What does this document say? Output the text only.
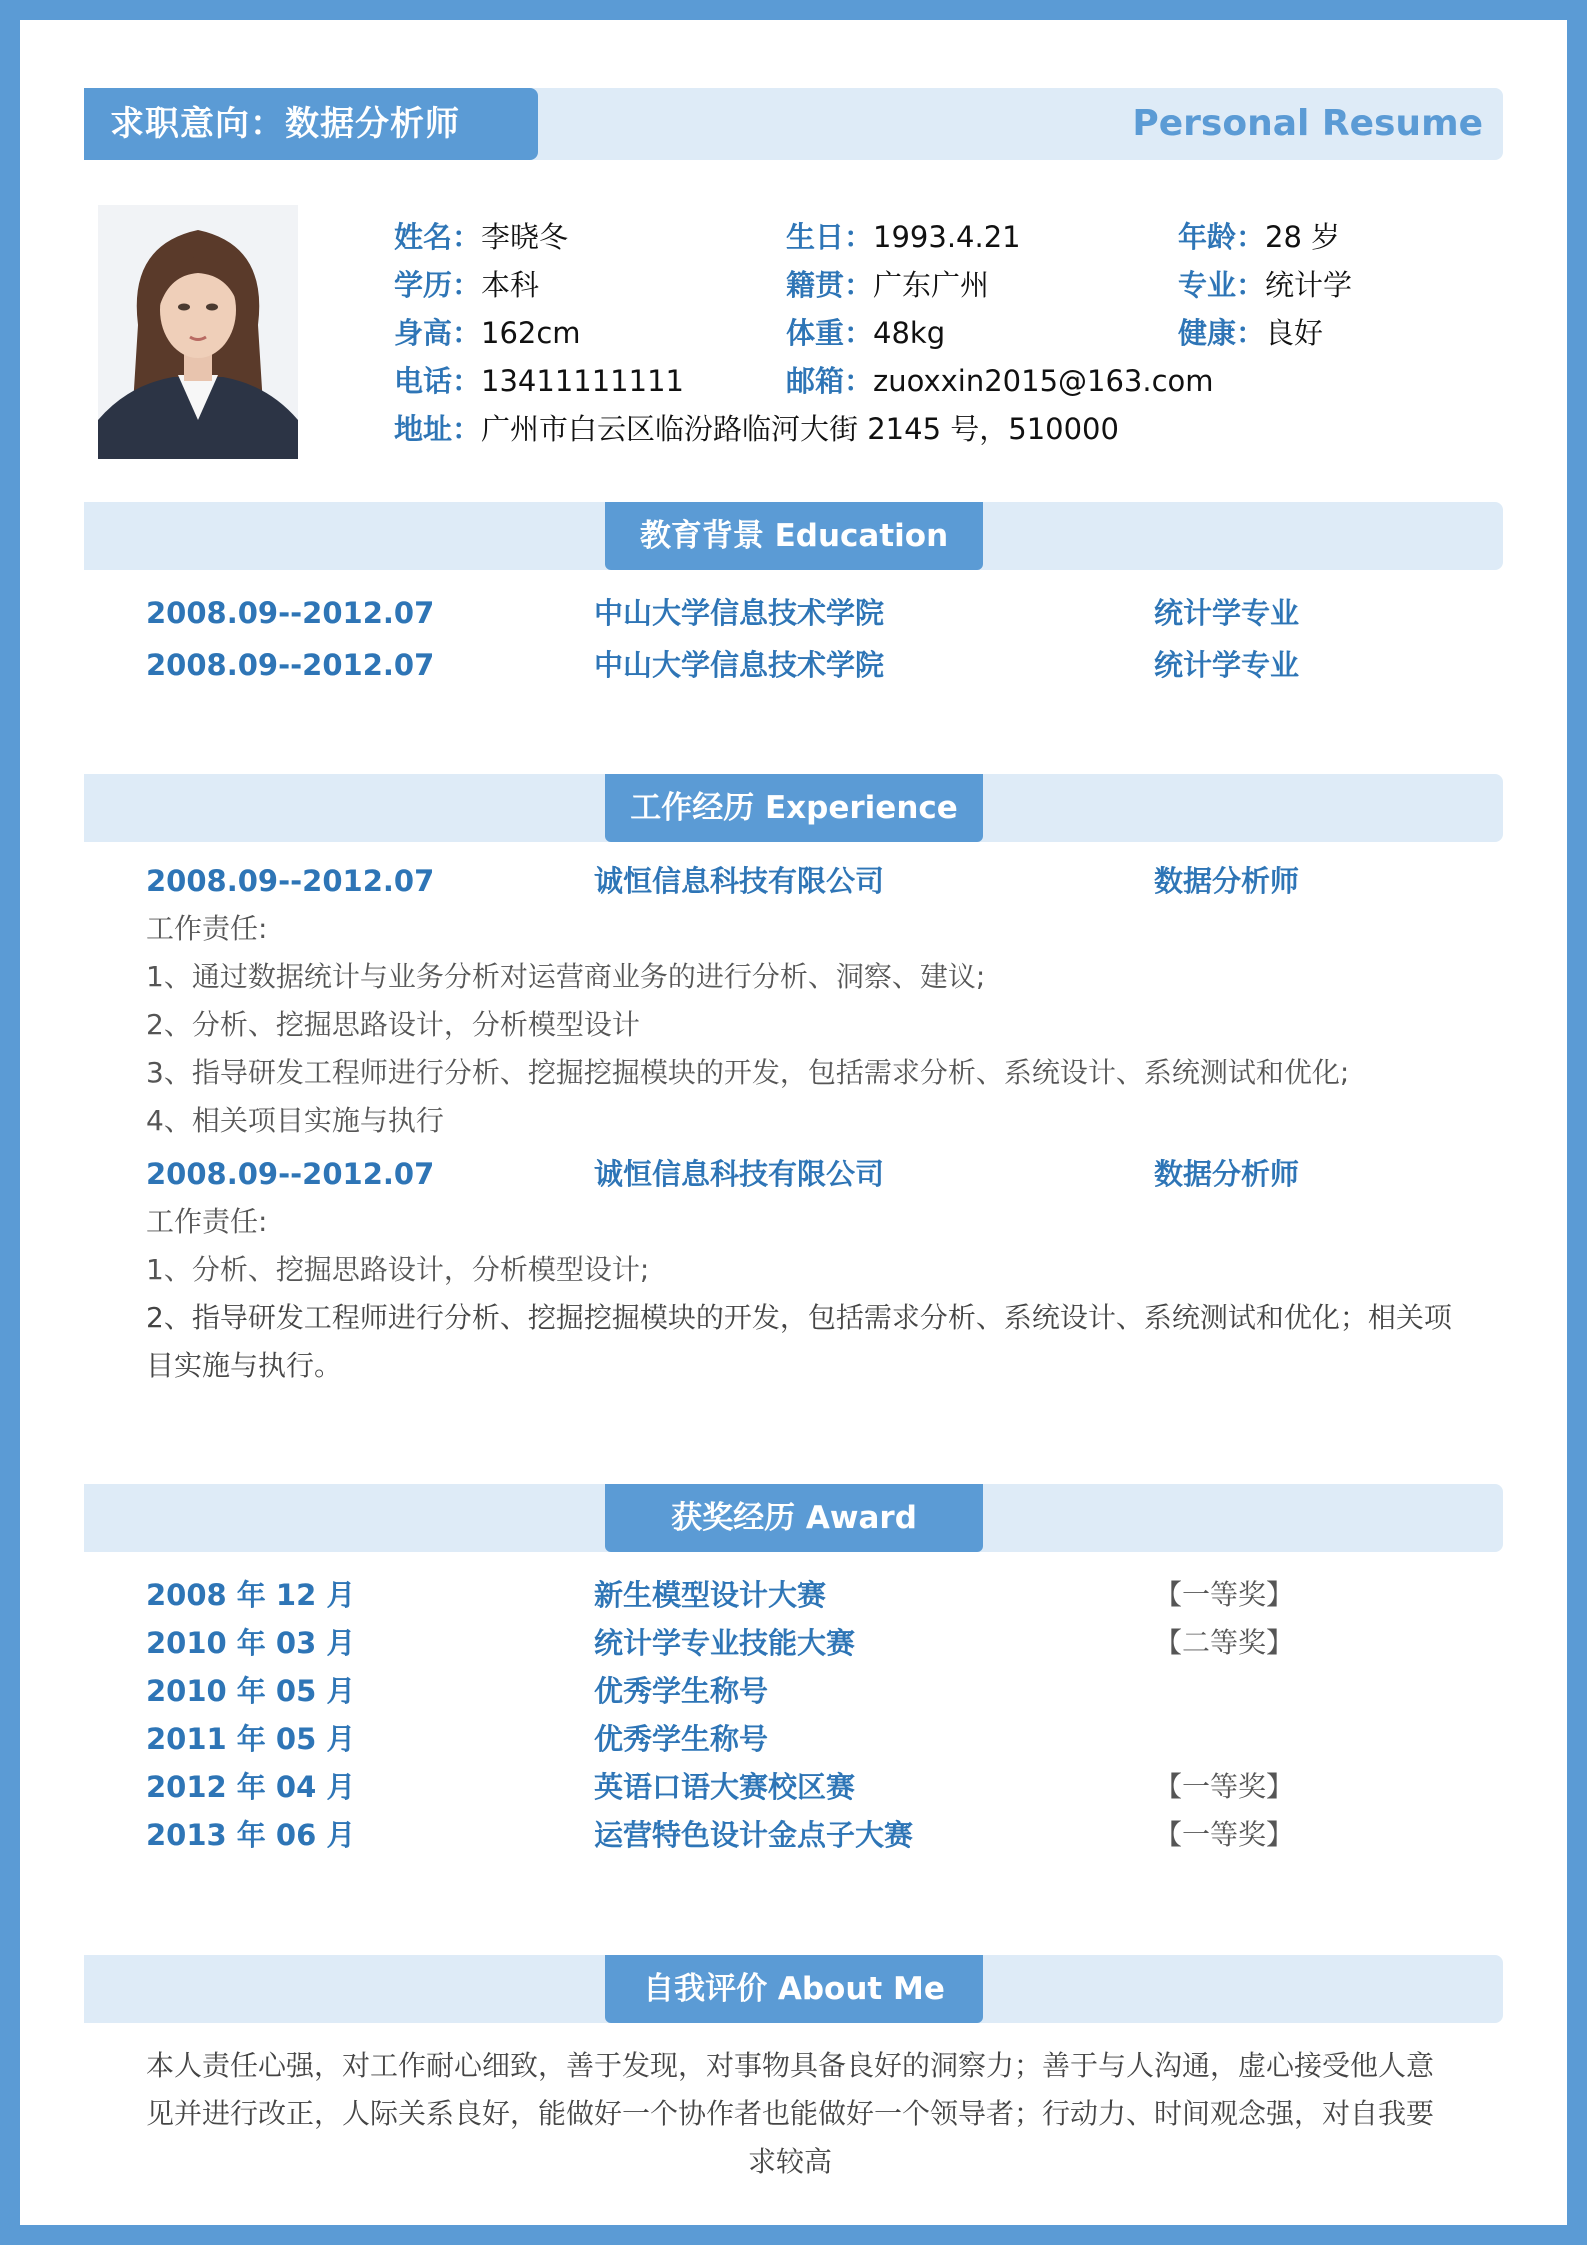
求职意向：数据分析师	Personal Resume
姓名：李晓冬	生日：1993.4.21	年龄：28 岁
学历：本科	籍贯：广东广州	专业：统计学
身高：162cm	体重：48kg	健康：良好
电话：13411111111	邮箱：zuoxxin2015@163.com
地址：广州市白云区临汾路临河大街 2145 号，510000
教育背景 Education
2008.09--2012.07	中山大学信息技术学院	统计学专业
2008.09--2012.07	中山大学信息技术学院	统计学专业
工作经历 Experience
2008.09--2012.07	诚恒信息科技有限公司	数据分析师
工作责任:
1、通过数据统计与业务分析对运营商业务的进行分析、洞察、建议;
2、分析、挖掘思路设计，分析模型设计
3、指导研发工程师进行分析、挖掘挖掘模块的开发，包括需求分析、系统设计、系统测试和优化;
4、相关项目实施与执行
2008.09--2012.07	诚恒信息科技有限公司	数据分析师
工作责任:
1、分析、挖掘思路设计，分析模型设计;
2、指导研发工程师进行分析、挖掘挖掘模块的开发，包括需求分析、系统设计、系统测试和优化；相关项目实施与执行。
获奖经历 Award
2008 年 12 月	新生模型设计大赛	【一等奖】
2010 年 03 月	统计学专业技能大赛	【二等奖】
2010 年 05 月	优秀学生称号
2011 年 05 月	优秀学生称号
2012 年 04 月	英语口语大赛校区赛	【一等奖】
2013 年 06 月	运营特色设计金点子大赛	【一等奖】
自我评价 About Me
本人责任心强，对工作耐心细致，善于发现，对事物具备良好的洞察力；善于与人沟通，虚心接受他人意见并进行改正，人际关系良好，能做好一个协作者也能做好一个领导者；行动力、时间观念强，对自我要求较高
